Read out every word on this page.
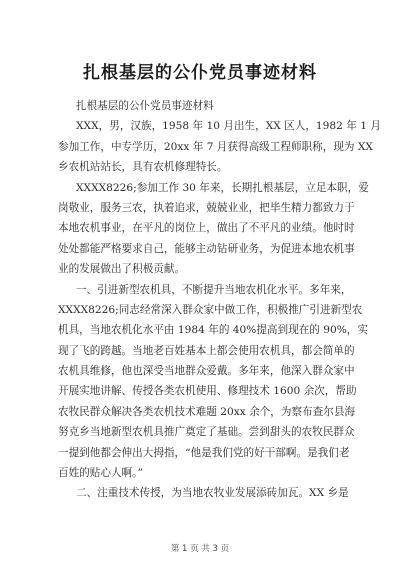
扎根基层的公仆党员事迹材料
扎根基层的公仆党员事迹材料
XXX，男，汉族，1958 年 10 月出生，XX 区人，1982 年 1 月
参加工作，中专学历，20xx 年 7 月获得高级工程师职称，现为 XX
乡农机站站长，具有农机修理特长。
XXXX8226;参加工作 30 年来，长期扎根基层，立足本职，爱
岗敬业，服务三农，执着追求，兢兢业业，把毕生精力都致力于
本地农机事业，在平凡的岗位上，做出了不平凡的业绩。他时时
处处都能严格要求自己，能够主动钻研业务，为促进本地农机事
业的发展做出了积极贡献。
一、引进新型农机具，不断提升当地农机化水平。多年来，
XXXX8226;同志经常深入群众家中做工作，积极推广引进新型农
机具，当地农机化水平由 1984 年的 40%提高到现在的 90%，实
现了飞的跨越。当地老百姓基本上都会使用农机具，都会简单的
农机具维修，他也深受当地群众爱戴。多年来，他深入群众家中
开展实地讲解、传授各类农机使用、修理技术 1600 余次，帮助
农牧民群众解决各类农机技术难题 20xx 余个，为察布查尔县海
努克乡当地新型农机具推广奠定了基础。尝到甜头的农牧民群众
一提到他都会伸出大拇指，“他是我们党的好干部啊。是我们老
百姓的贴心人啊。”
二、注重技术传授，为当地农牧业发展添砖加瓦。XX 乡是
第 1 页 共 3 页
